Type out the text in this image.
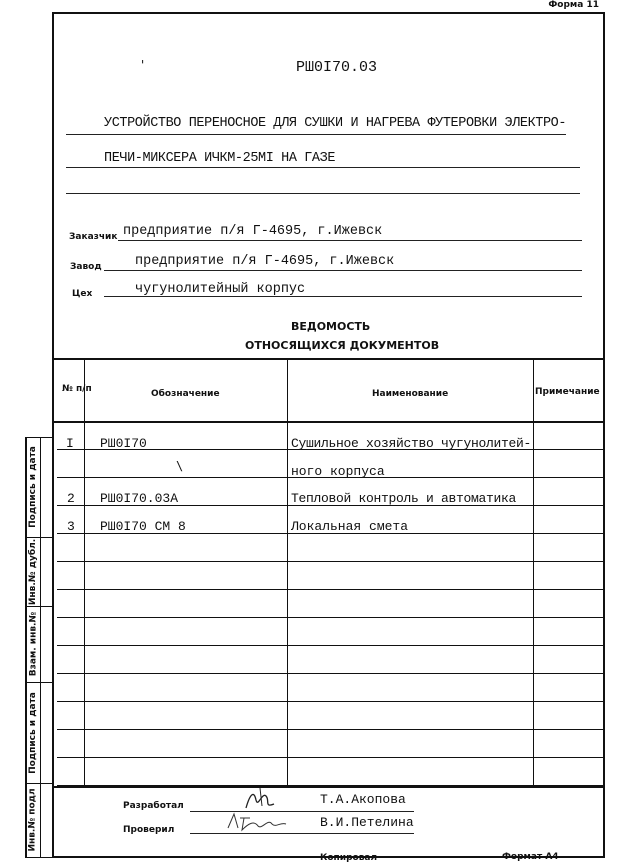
Форма 11
РШ0I70.03
ꞌ
УСТРОЙСТВО ПЕРЕНОСНОЕ ДЛЯ СУШКИ И НАГРЕВА ФУТЕРОВКИ ЭЛЕКТРО-
ПЕЧИ-МИКСЕРА ИЧКМ-25МI НА ГАЗЕ
Заказчик предприятие п/я Г-4695, г.Ижевск
Завод предприятие п/я Г-4695, г.Ижевск
Цех	чугунолитейный корпус
ВЕДОМОСТЬ
ОТНОСЯЩИХСЯ ДОКУМЕНТОВ
№ п/п	Обозначение	Наименование	Примечание
I РШ0I70	Сушильное хозяйство чугунолитей-
ного корпуса
\
2 РШ0I70.03А	Тепловой контроль и автоматика
3 РШ0I70 СМ 8	Локальная смета
Разработал	Т.А.Акопова
Проверил	В.И.Петелина
Копировал	Формат А4
Подпись и дата
Инв.№ дубл.
Взам. инв.№
Подпись и дата
Инв.№ подл
